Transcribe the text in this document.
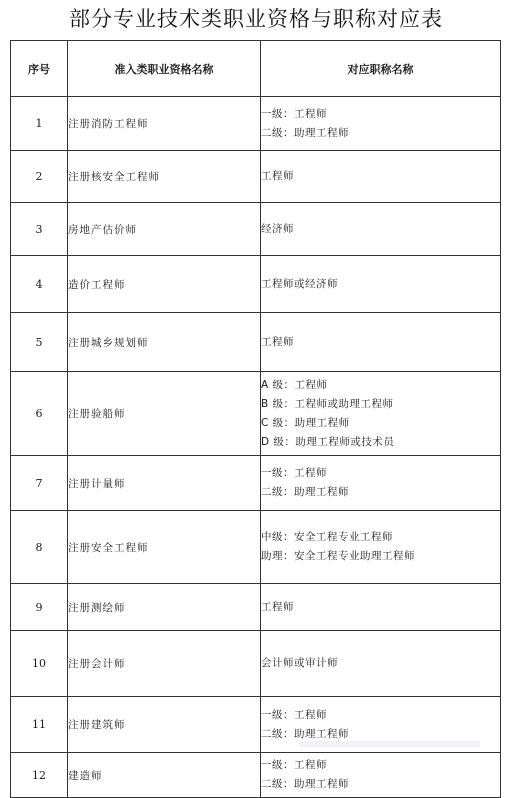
部分专业技术类职业资格与职称对应表
序号	准入类职业资格名称	对应职称名称
1	注册消防工程师	一级：工程师
二级：助理工程师

2	注册核安全工程师	工程师

3	房地产估价师	经济师

4	造价工程师	工程师或经济师

5	注册城乡规划师	工程师

6	注册验船师	A 级：工程师
B 级：工程师或助理工程师
C 级：助理工程师
D 级：助理工程师或技术员

7	注册计量师	一级：工程师
二级：助理工程师

8	注册安全工程师	中级：安全工程专业工程师
助理：安全工程专业助理工程师

9	注册测绘师	工程师

10	注册会计师	会计师或审计师

11	注册建筑师	一级：工程师
二级：助理工程师

12	建造师	一级：工程师
二级：助理工程师
